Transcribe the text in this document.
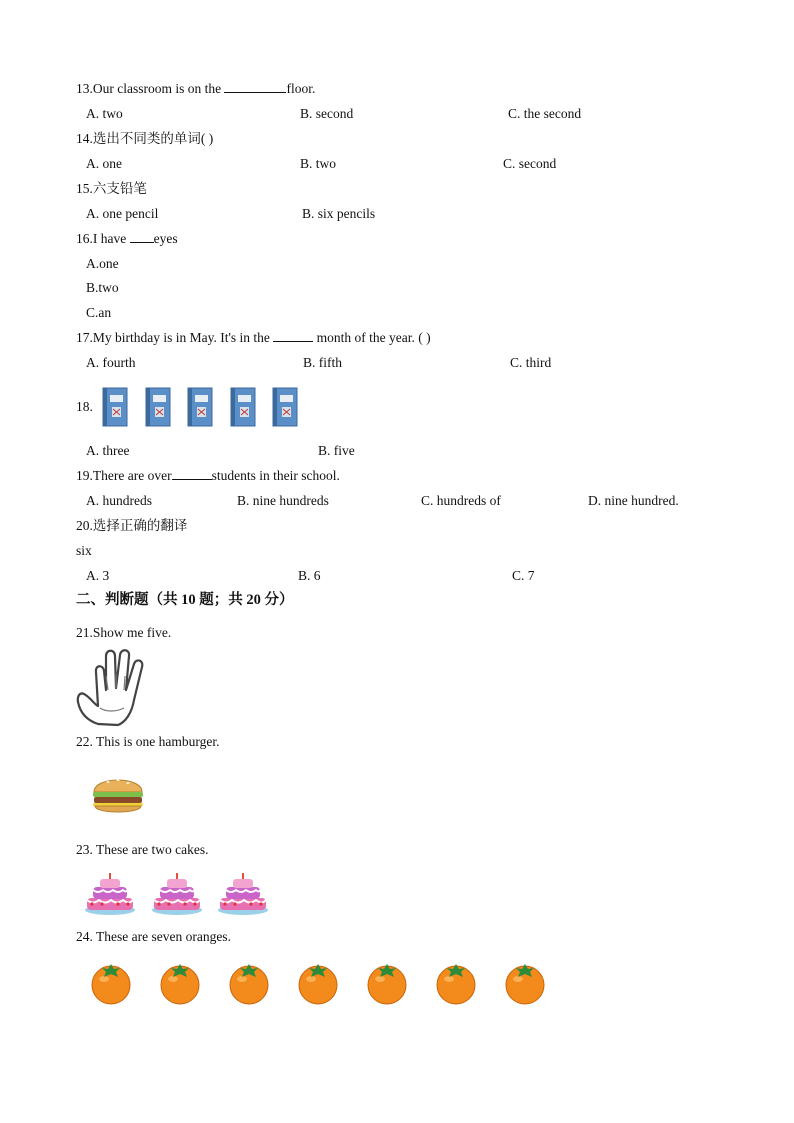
13.Our classroom is on the	floor.
A. two	B. second	C. the second
14.选出不同类的单词( )
A. one	B. two	C. second
15.六支铅笔
A. one pencil	B. six pencils
16.I have eyes
A.one
B.two
C.an
17.My birthday is in May. It's in the	month of the year. ( )
A. fourth	B. fifth	C. third
18.
A. three	B. five
19.There are over	students in their school.
A. hundreds	B. nine hundreds	C. hundreds of	D. nine hundred.
20.选择正确的翻译
six
A. 3	B. 6	C. 7
二、判断题（共 10 题；共 20 分）
21.Show me five.
22. This is one hamburger.
23. These are two cakes.
24. These are seven oranges.
